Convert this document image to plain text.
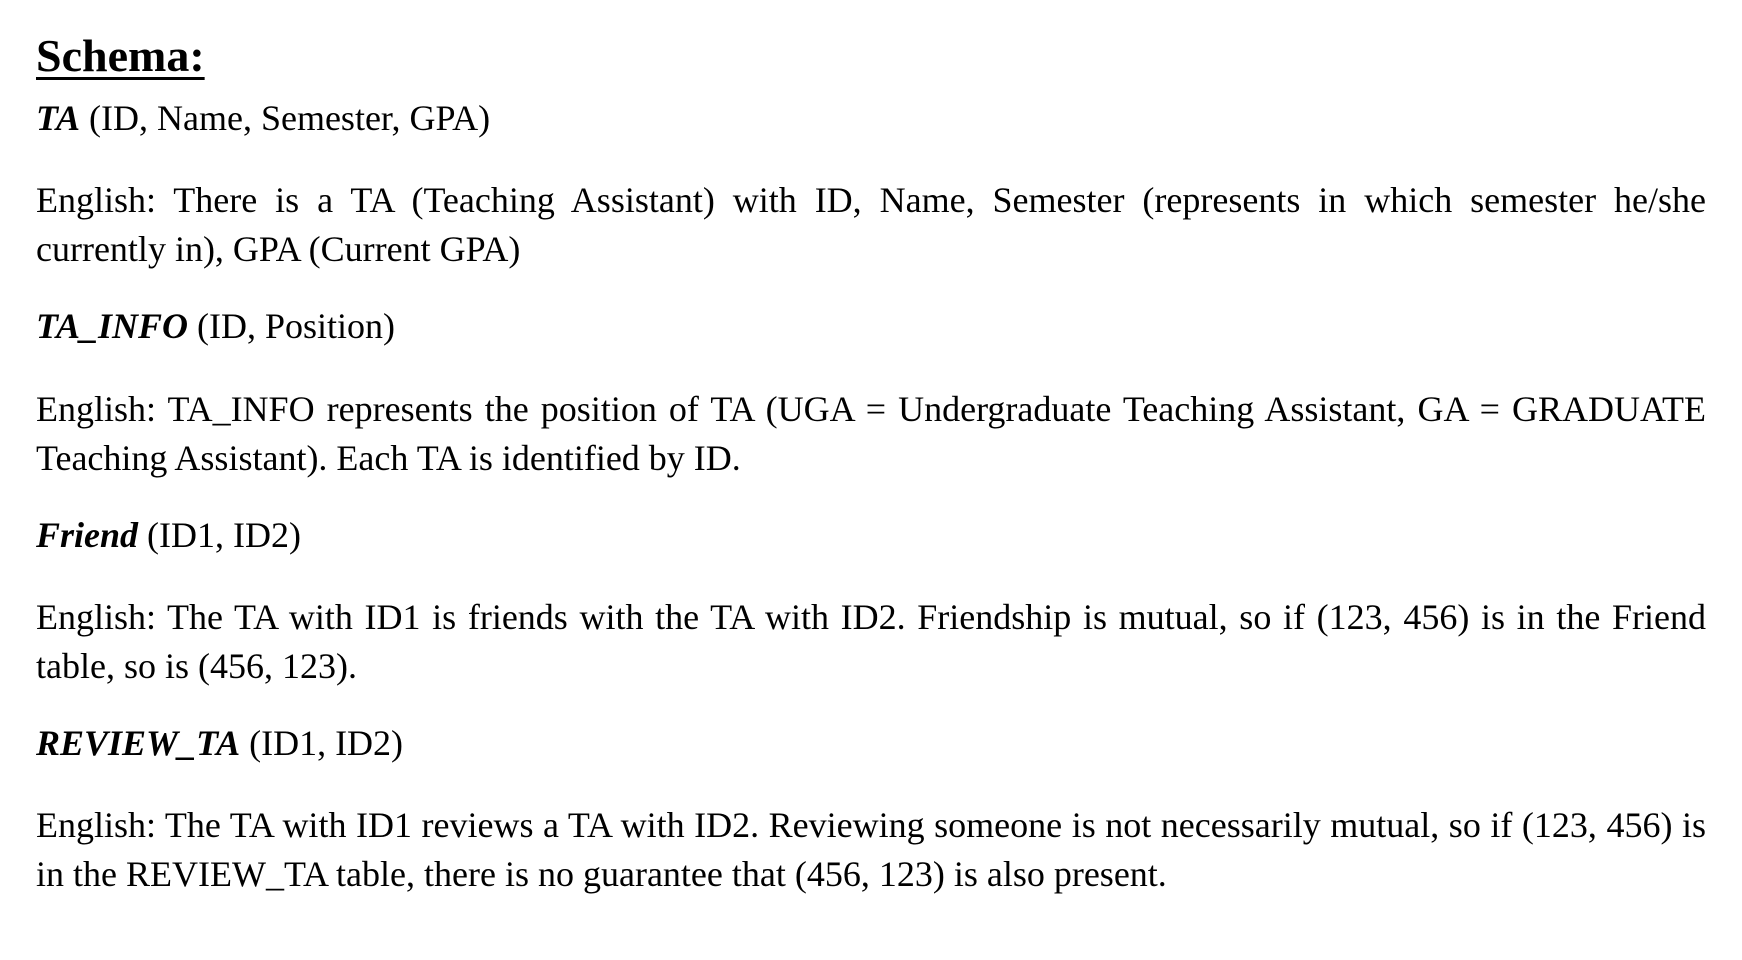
Schema:
TA (ID, Name, Semester, GPA)
English: There is a TA (Teaching Assistant) with ID, Name, Semester (represents in which semester he/she currently in), GPA (Current GPA)
TA_INFO (ID, Position)
English: TA_INFO represents the position of TA (UGA = Undergraduate Teaching Assistant, GA = GRADUATE Teaching Assistant). Each TA is identified by ID.
Friend (ID1, ID2)
English: The TA with ID1 is friends with the TA with ID2. Friendship is mutual, so if (123, 456) is in the Friend table, so is (456, 123).
REVIEW_TA (ID1, ID2)
English: The TA with ID1 reviews a TA with ID2. Reviewing someone is not necessarily mutual, so if (123, 456) is in the REVIEW_TA table, there is no guarantee that (456, 123) is also present.
